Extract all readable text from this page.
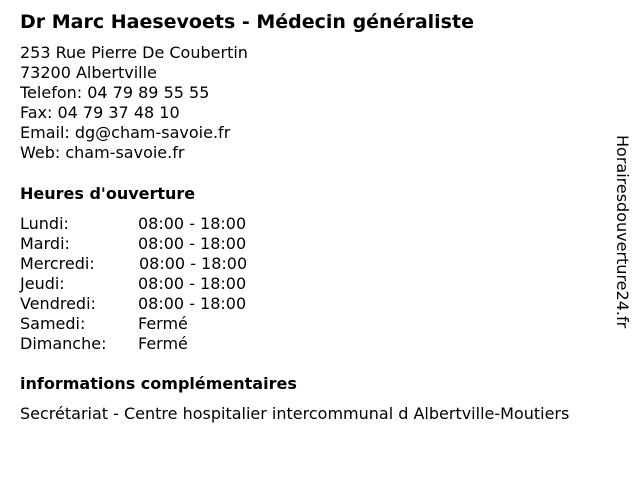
Dr Marc Haesevoets - Médecin généraliste
253 Rue Pierre De Coubertin
73200 Albertville
Telefon: 04 79 89 55 55
Fax: 04 79 37 48 10
Email: dg@cham-savoie.fr
Web: cham-savoie.fr
Heures d'ouverture
Lundi:	08:00 - 18:00
Mardi:	08:00 - 18:00
Mercredi:	08:00 - 18:00
Jeudi:	08:00 - 18:00
Vendredi:	08:00 - 18:00
Samedi:	Fermé
Dimanche: Fermé
informations complémentaires
Secrétariat - Centre hospitalier intercommunal d Albertville-Moutiers
Horairesdouverture24.fr
